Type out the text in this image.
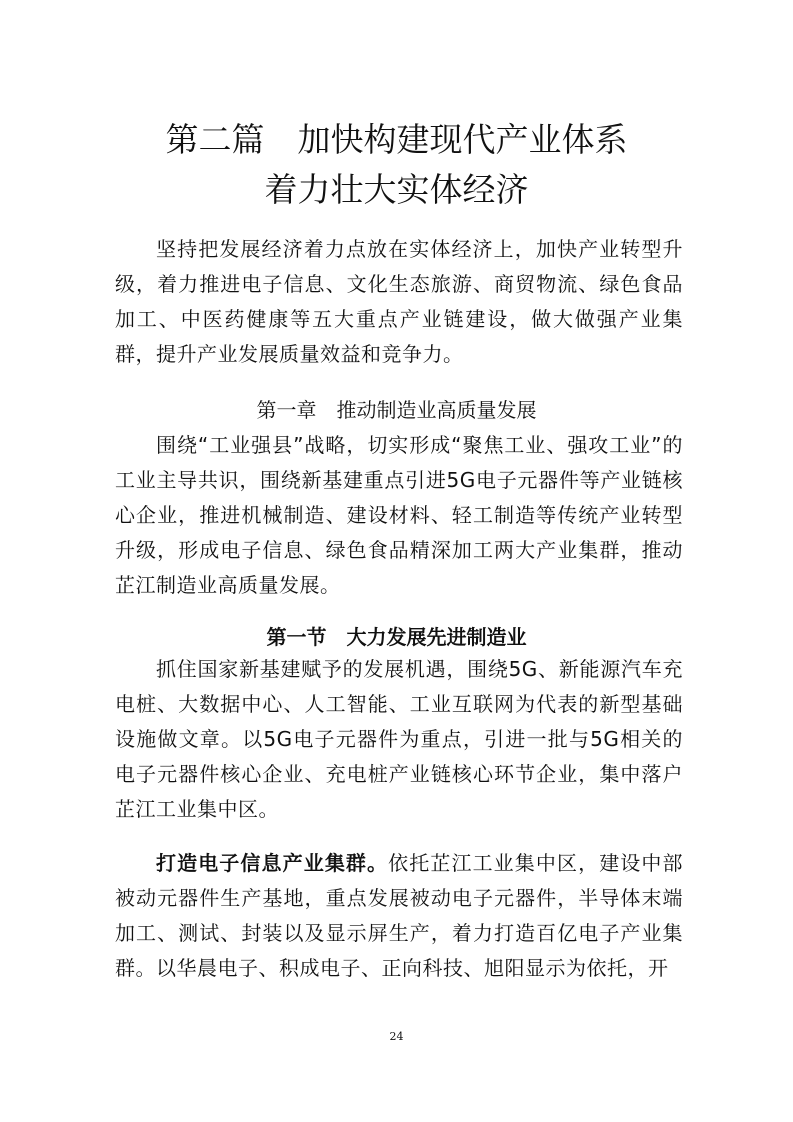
第二篇　加快构建现代产业体系
着力壮大实体经济

坚持把发展经济着力点放在实体经济上，加快产业转型升级，着力推进电子信息、文化生态旅游、商贸物流、绿色食品加工、中医药健康等五大重点产业链建设，做大做强产业集群，提升产业发展质量效益和竞争力。

第一章　推动制造业高质量发展

围绕“工业强县”战略，切实形成“聚焦工业、强攻工业”的工业主导共识，围绕新基建重点引进5G电子元器件等产业链核心企业，推进机械制造、建设材料、轻工制造等传统产业转型升级，形成电子信息、绿色食品精深加工两大产业集群，推动芷江制造业高质量发展。

第一节　大力发展先进制造业

抓住国家新基建赋予的发展机遇，围绕5G、新能源汽车充电桩、大数据中心、人工智能、工业互联网为代表的新型基础设施做文章。以5G电子元器件为重点，引进一批与5G相关的电子元器件核心企业、充电桩产业链核心环节企业，集中落户芷江工业集中区。

打造电子信息产业集群。依托芷江工业集中区，建设中部被动元器件生产基地，重点发展被动电子元器件，半导体末端加工、测试、封装以及显示屏生产，着力打造百亿电子产业集群。以华晨电子、积成电子、正向科技、旭阳显示为依托，开

24
